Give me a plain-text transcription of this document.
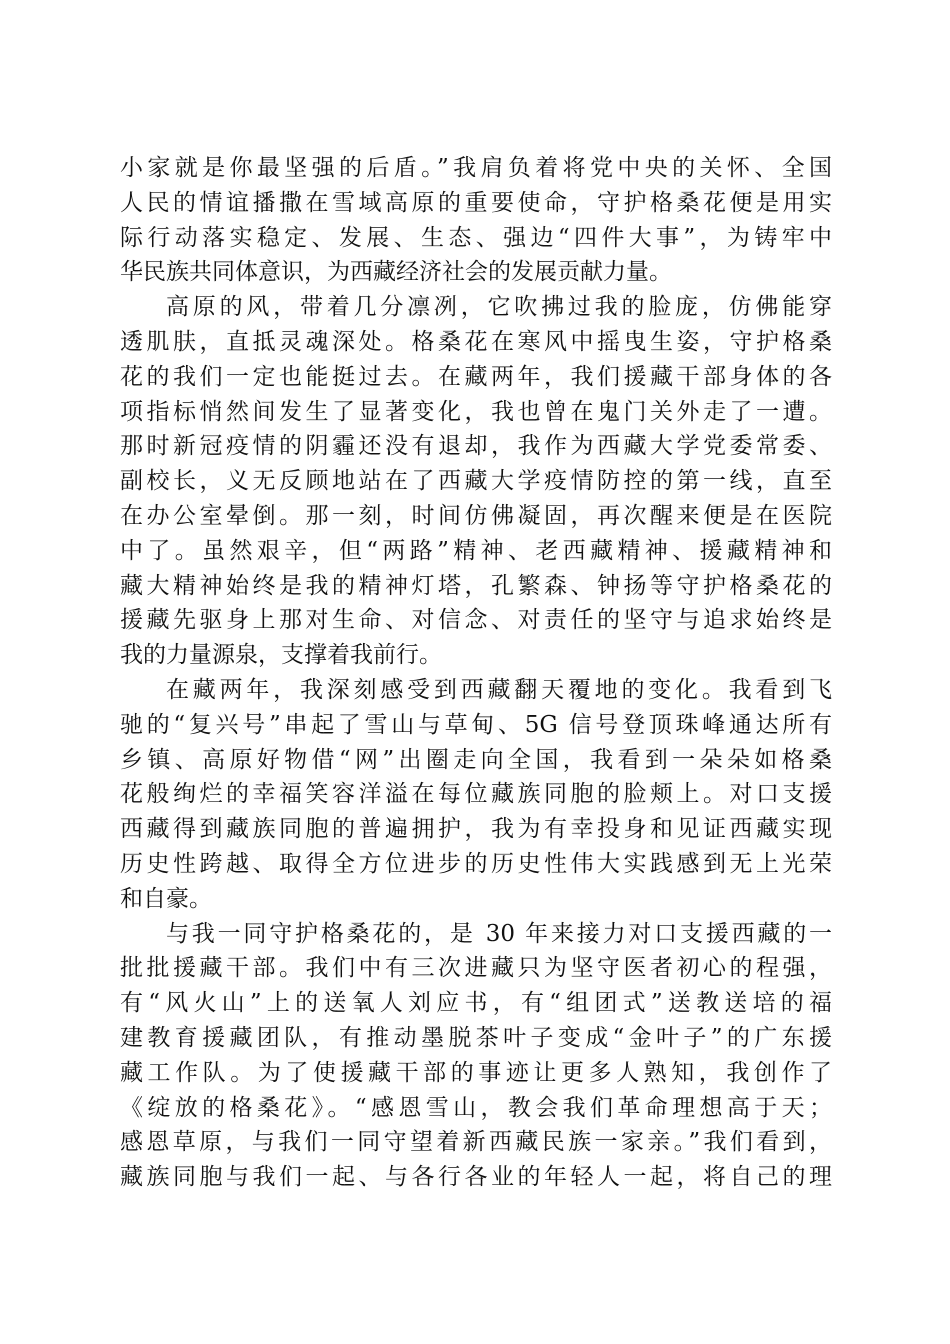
小家就是你最坚强的后盾。”我肩负着将党中央的关怀、全国
人民的情谊播撒在雪域高原的重要使命，守护格桑花便是用实
际行动落实稳定、发展、生态、强边“四件大事”，为铸牢中
华民族共同体意识，为西藏经济社会的发展贡献力量。
高原的风，带着几分凛冽，它吹拂过我的脸庞，仿佛能穿
透肌肤，直抵灵魂深处。格桑花在寒风中摇曳生姿，守护格桑
花的我们一定也能挺过去。在藏两年，我们援藏干部身体的各
项指标悄然间发生了显著变化，我也曾在鬼门关外走了一遭。
那时新冠疫情的阴霾还没有退却，我作为西藏大学党委常委、
副校长，义无反顾地站在了西藏大学疫情防控的第一线，直至
在办公室晕倒。那一刻，时间仿佛凝固，再次醒来便是在医院
中了。虽然艰辛，但“两路”精神、老西藏精神、援藏精神和
藏大精神始终是我的精神灯塔，孔繁森、钟扬等守护格桑花的
援藏先驱身上那对生命、对信念、对责任的坚守与追求始终是
我的力量源泉，支撑着我前行。
在藏两年，我深刻感受到西藏翻天覆地的变化。我看到飞
驰的“复兴号”串起了雪山与草甸、5G 信号登顶珠峰通达所有
乡镇、高原好物借“网”出圈走向全国，我看到一朵朵如格桑
花般绚烂的幸福笑容洋溢在每位藏族同胞的脸颊上。对口支援
西藏得到藏族同胞的普遍拥护，我为有幸投身和见证西藏实现
历史性跨越、取得全方位进步的历史性伟大实践感到无上光荣
和自豪。
与我一同守护格桑花的，是 30 年来接力对口支援西藏的一
批批援藏干部。我们中有三次进藏只为坚守医者初心的程强，
有“风火山”上的送氧人刘应书，有“组团式”送教送培的福
建教育援藏团队，有推动墨脱茶叶子变成“金叶子”的广东援
藏工作队。为了使援藏干部的事迹让更多人熟知，我创作了
《绽放的格桑花》。“感恩雪山，教会我们革命理想高于天；
感恩草原，与我们一同守望着新西藏民族一家亲。”我们看到，
藏族同胞与我们一起、与各行各业的年轻人一起，将自己的理
